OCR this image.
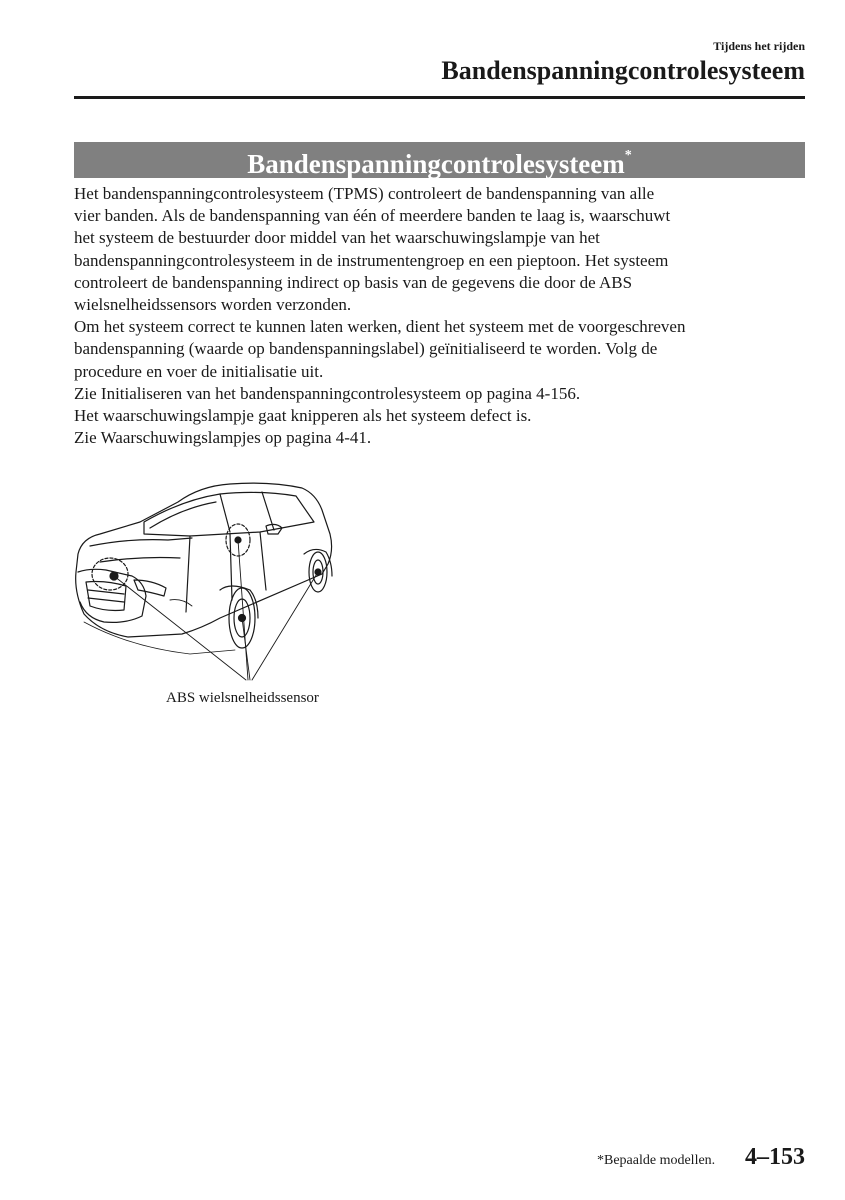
Tijdens het rijden
Bandenspanningcontrolesysteem
Bandenspanningcontrolesysteem*

Het bandenspanningcontrolesysteem (TPMS) controleert de bandenspanning van alle

vier banden. Als de bandenspanning van één of meerdere banden te laag is, waarschuwt

het systeem de bestuurder door middel van het waarschuwingslampje van het

bandenspanningcontrolesysteem in de instrumentengroep en een pieptoon. Het systeem

controleert de bandenspanning indirect op basis van de gegevens die door de ABS

wielsnelheidssensors worden verzonden.

Om het systeem correct te kunnen laten werken, dient het systeem met de voorgeschreven

bandenspanning (waarde op bandenspanningslabel) geïnitialiseerd te worden. Volg de

procedure en voer de initialisatie uit.

Zie Initialiseren van het bandenspanningcontrolesysteem op pagina 4-156.

Het waarschuwingslampje gaat knipperen als het systeem defect is.

Zie Waarschuwingslampjes op pagina 4-41.

ABS wielsnelheidssensor
*Bepaalde modellen. 4–153
